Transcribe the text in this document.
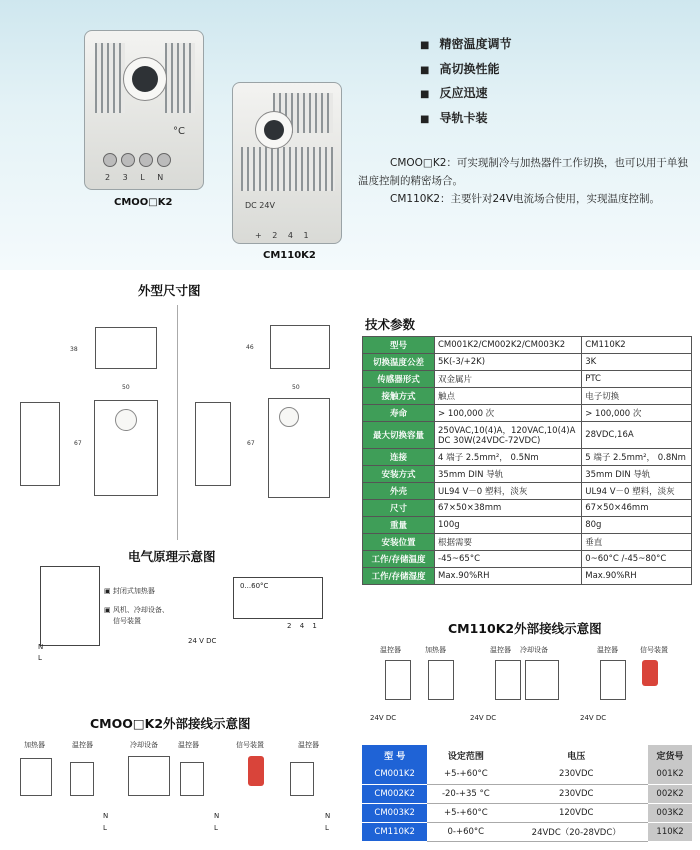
°C
2 3 L N
CMOO□K2	DC 24V
+ 2 4 1
CM110K2
■ 精密温度调节
■ 高切换性能
■ 反应迅速
■ 导轨卡装

CMOO□K2：可实现制冷与加热器件工作切换，也可以用于单独温度控制的精密场合。

CM110K2：主要针对24V电流场合使用，实现温度控制。

外型尺寸图
38	46
50	50
67	67
技术参数
型号	CM001K2/CM002K2/CM003K2	CM110K2
切换温度公差	5K(-3/+2K)	3K
传感器形式	双金属片	PTC
接触方式	触点	电子切换
寿命	> 100,000 次	> 100,000 次
最大切换容量	250VAC,10(4)A，120VAC,10(4)A
DC 30W(24VDC-72VDC)	28VDC,16A
连接	4 端子 2.5mm²， 0.5Nm	5 端子 2.5mm²， 0.8Nm
安装方式	35mm DIN 导轨	35mm DIN 导轨
外壳	UL94 V－0 塑料，淡灰	UL94 V－0 塑料，淡灰
尺寸	67×50×38mm	67×50×46mm
重量	100g	80g
安装位置	根据需要	垂直
工作/存储温度	-45~65°C	0~60°C /-45~80°C
工作/存储湿度	Max.90%RH	Max.90%RH
电气原理示意图
N
L
▣ 封闭式加热器
▣ 风机、冷却设备、
信号装置
0...60°C
24 V DC
2 4 1	CM110K2外部接线示意图
温控器	加热器	温控器 冷却设备	温控器	信号装置
24V DC	24V DC	24V DC
CMOO□K2外部接线示意图
加热器	温控器	冷却设备	温控器	信号装置	温控器
N
L
N
L
N
L
型 号	设定范围	电压	定货号
CM001K2	+5-+60°C	230VDC	001K2
CM002K2	-20-+35 °C	230VDC	002K2
CM003K2	+5-+60°C	120VDC	003K2
CM110K2	0-+60°C	24VDC（20-28VDC）	110K2
